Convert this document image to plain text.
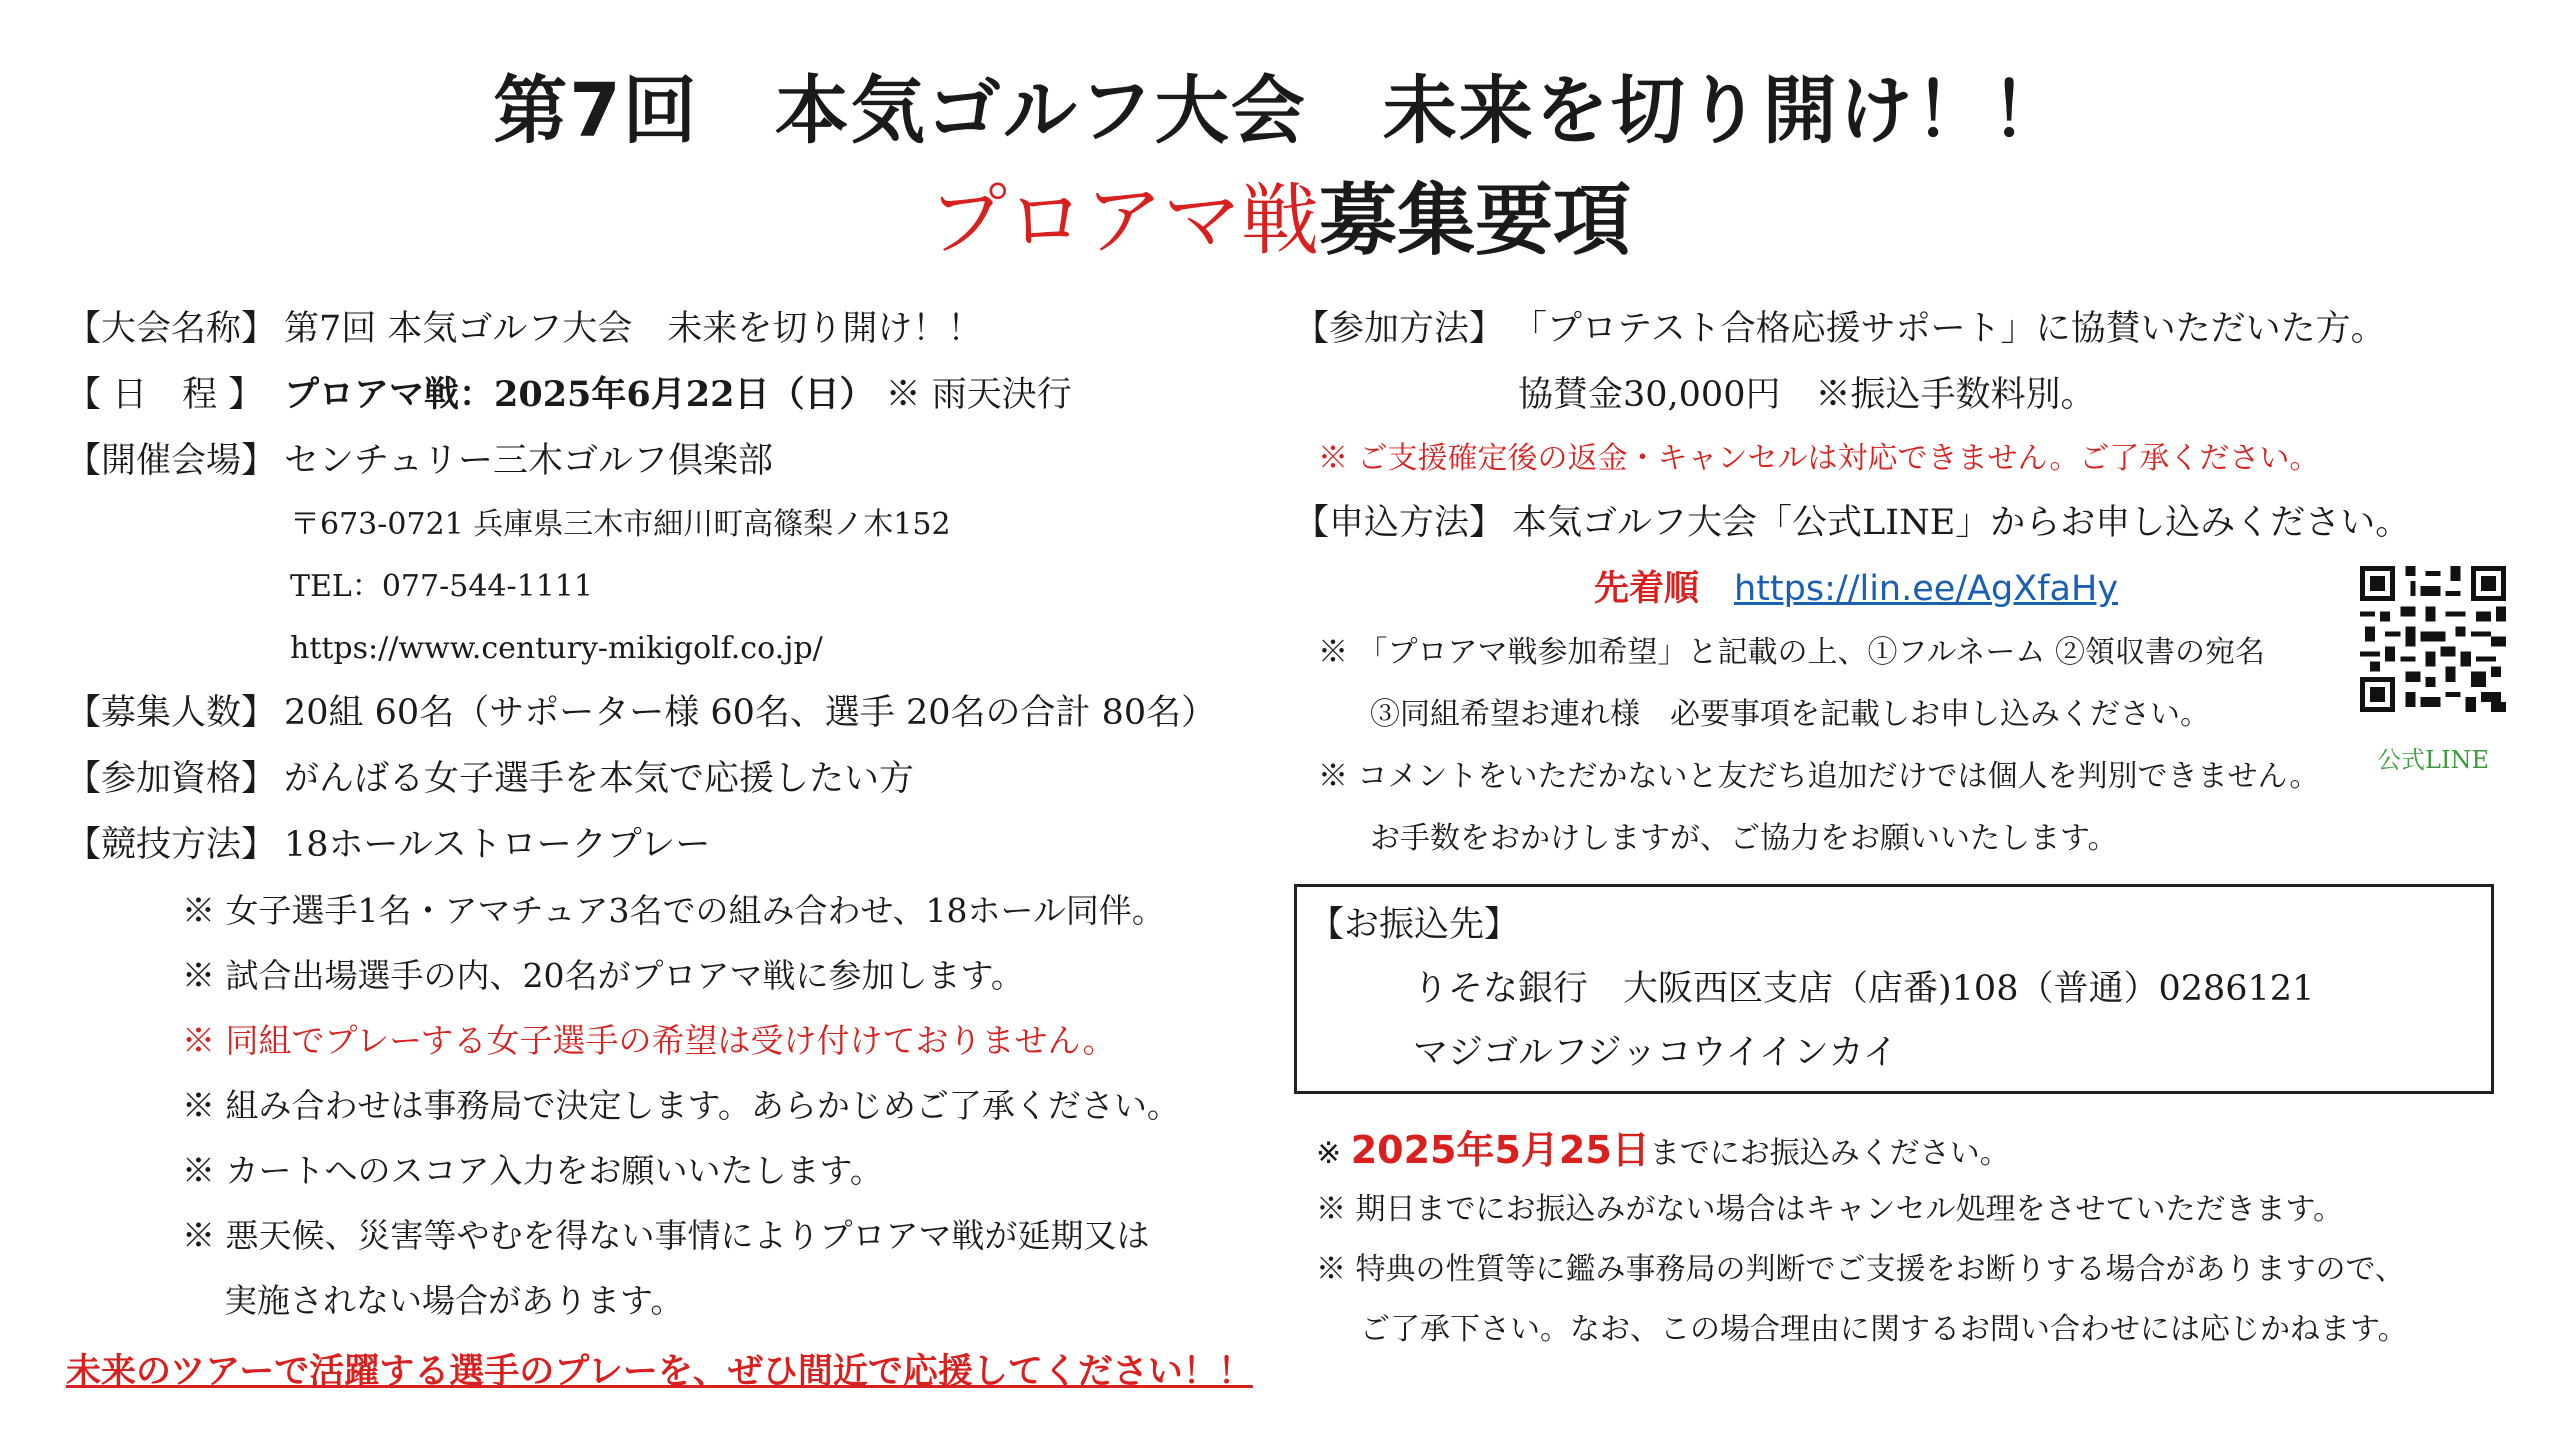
第7回　本気ゴルフ大会　未来を切り開け！！
プロアマ戦募集要項
【大会名称】 第7回 本気ゴルフ大会　未来を切り開け！！
【 日　程 】 プロアマ戦：2025年6月22日（日） ※ 雨天決行
【開催会場】 センチュリー三木ゴルフ倶楽部
〒673-0721 兵庫県三木市細川町高篠梨ノ木152
TEL：077-544-1111
https://www.century-mikigolf.co.jp/
【募集人数】 20組 60名（サポーター様 60名、選手 20名の合計 80名）
【参加資格】 がんばる女子選手を本気で応援したい方
【競技方法】 18ホールストロークプレー
※ 女子選手1名・アマチュア3名での組み合わせ、18ホール同伴。
※ 試合出場選手の内、20名がプロアマ戦に参加します。
※ 同組でプレーする女子選手の希望は受け付けておりません。
※ 組み合わせは事務局で決定します。あらかじめご了承ください。
※ カートへのスコア入力をお願いいたします。
※ 悪天候、災害等やむを得ない事情によりプロアマ戦が延期又は
実施されない場合があります。
未来のツアーで活躍する選手のプレーを、ぜひ間近で応援してください！！
【参加方法】 「プロテスト合格応援サポート」に協賛いただいた方。
協賛金30,000円　※振込手数料別。
※ ご支援確定後の返金・キャンセルは対応できません。ご了承ください。
【申込方法】 本気ゴルフ大会「公式LINE」からお申し込みください。
先着順　 https://lin.ee/AgXfaHy
※ 「プロアマ戦参加希望」と記載の上、①フルネーム ②領収書の宛名
③同組希望お連れ様　必要事項を記載しお申し込みください。
※ コメントをいただかないと友だち追加だけでは個人を判別できません。
お手数をおかけしますが、ご協力をお願いいたします。
公式LINE
【お振込先】
りそな銀行　大阪西区支店（店番)108（普通）0286121
マジゴルフジッコウイインカイ
※ 2025年5月25日までにお振込みください。
※ 期日までにお振込みがない場合はキャンセル処理をさせていただきます。
※ 特典の性質等に鑑み事務局の判断でご支援をお断りする場合がありますので、
ご了承下さい。なお、この場合理由に関するお問い合わせには応じかねます。
